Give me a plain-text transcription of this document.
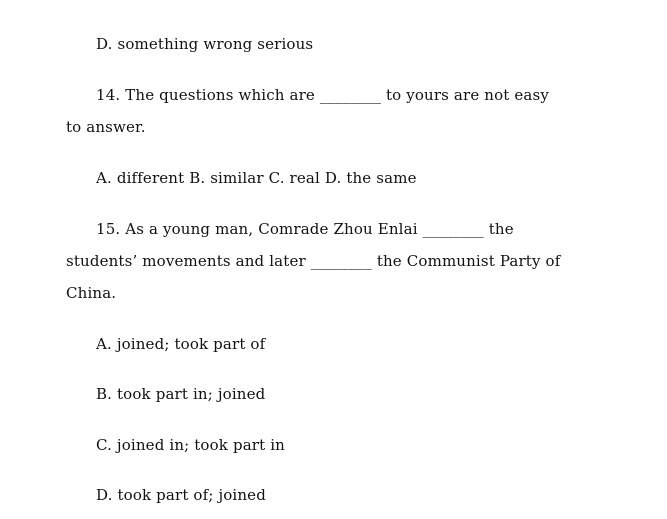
D. something wrong serious
14. The questions which are ________ to yours are not easy
to answer.
A. different B. similar C. real D. the same
15. As a young man, Comrade Zhou Enlai ________ the
students’ movements and later ________ the Communist Party of
China.
A. joined; took part of
B. took part in; joined
C. joined in; took part in
D. took part of; joined
